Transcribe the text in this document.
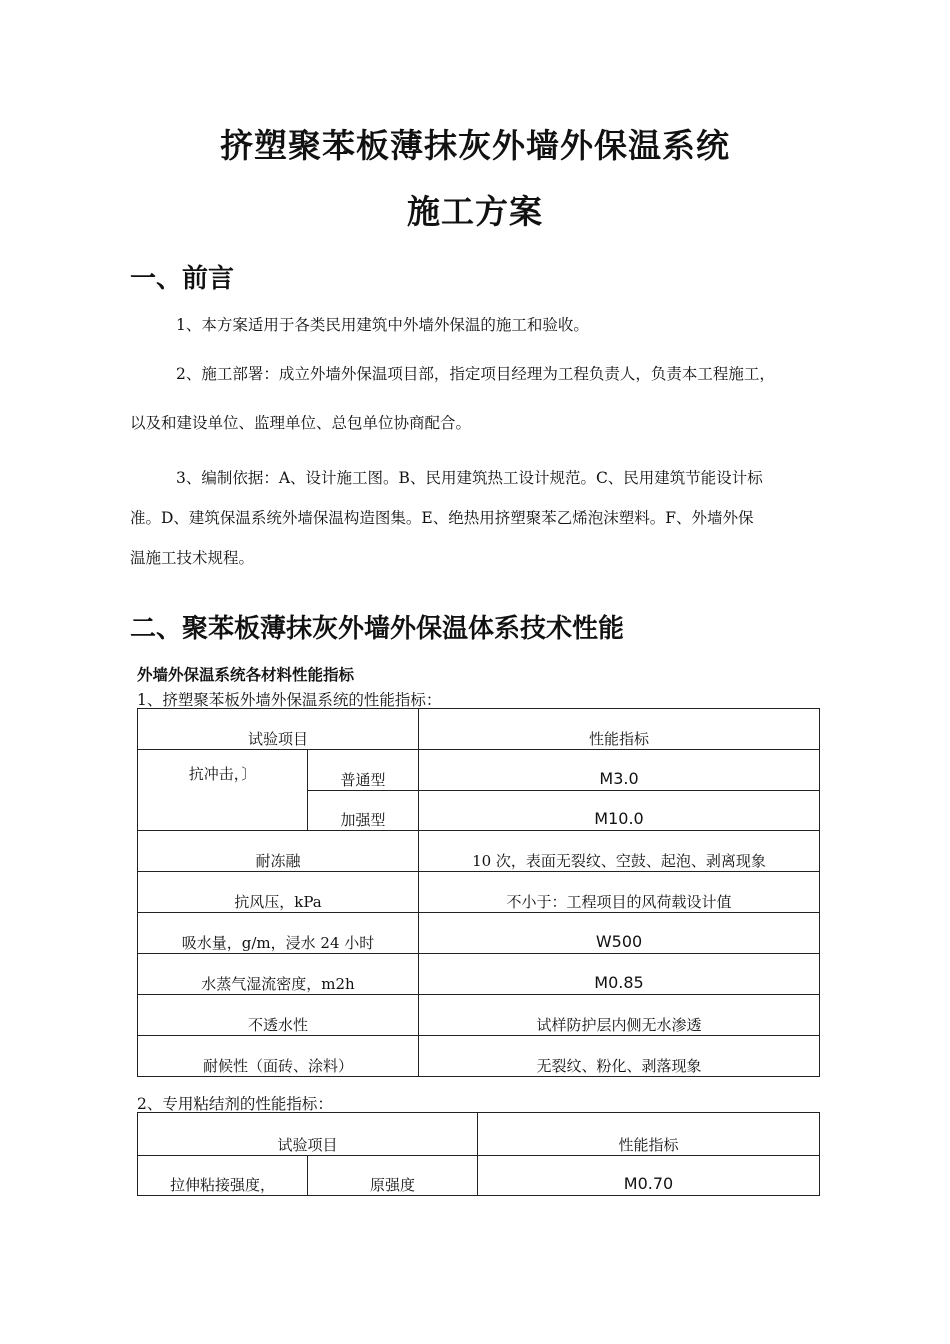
挤塑聚苯板薄抹灰外墙外保温系统
施工方案
一、前言
1、本方案适用于各类民用建筑中外墙外保温的施工和验收。
2、施工部署：成立外墙外保温项目部，指定项目经理为工程负责人，负责本工程施工，
以及和建设单位、监理单位、总包单位协商配合。
3、编制依据：A、设计施工图。B、民用建筑热工设计规范。C、民用建筑节能设计标
准。D、建筑保温系统外墙保温构造图集。E、绝热用挤塑聚苯乙烯泡沫塑料。F、外墙外保
温施工技术规程。
二、聚苯板薄抹灰外墙外保温体系技术性能
外墙外保温系统各材料性能指标
1、挤塑聚苯板外墙外保温系统的性能指标：
试验项目		性能指标
抗冲击，〕	普通型	M3.0
	加强型	M10.0
耐冻融		10 次，表面无裂纹、空鼓、起泡、剥离现象
抗风压，kPa		不小于：工程项目的风荷载设计值
吸水量，g/m，浸水 24 小时		W500
水蒸气湿流密度，m2h		M0.85
不透水性		试样防护层内侧无水渗透
耐候性（面砖、涂料）		无裂纹、粉化、剥落现象
2、专用粘结剂的性能指标：
试验项目		性能指标
拉伸粘接强度，	原强度	M0.70
